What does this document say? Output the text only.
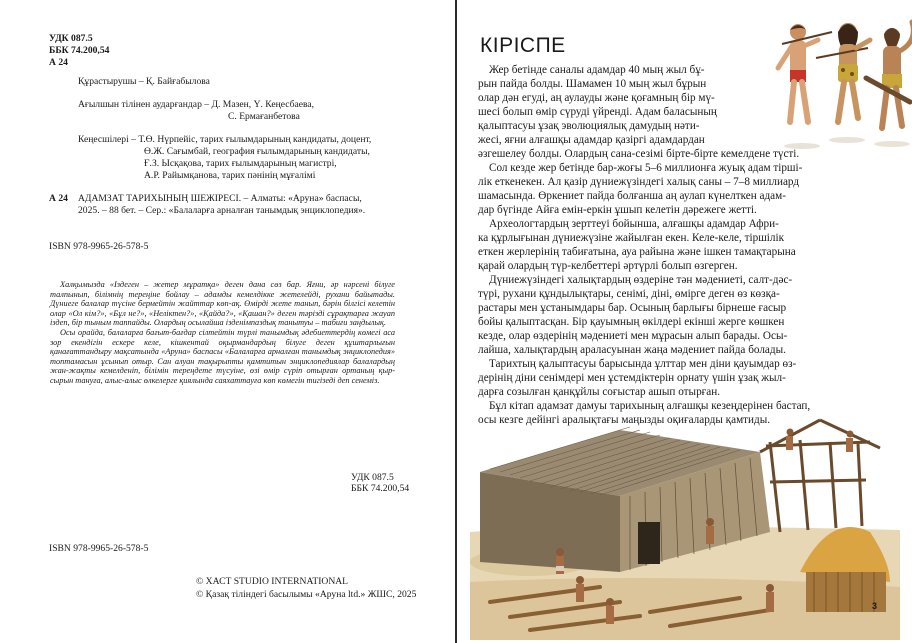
УДК 087.5
ББК 74.200,54
А 24
Құрастырушы – Қ. Байғабылова
Ағылшын тілінен аударғандар – Д. Мазен, Ү. Кеңесбаева,
С. Ермағанбетова
Кеңесшілері – Т.Ө. Нүрпейіс, тарих ғылымдарының кандидаты, доцент,
Ө.Ж. Сағымбай, география ғылымдарының кандидаты,
Ғ.З. Ысқақова, тарих ғылымдарының магистрі,
А.Р. Райымқанова, тарих пәнінің мұғалімі
А 24 АДАМЗАТ ТАРИХЫНЫҢ ШЕЖІРЕСІ. – Алматы: «Аруна» баспасы,
2025. – 88 бет. – Сер.: «Балаларға арналған танымдық энциклопедия».
ISBN 978-9965-26-578-5

Халқымызда «Іздеген – жетер мұратқа» деген дана сөз бар. Яғни, әр нәрсені білуге талпынып, білімнің тереңіне бойлау – адамды кемелдікке жетелейді, рухани байытады. Дүниеге балалар түсіне бермейтін жайттар көп-ақ. Өмірді жете танып, бәрін білгісі келетін олар «Ол кім?», «Бұл не?», «Неліктен?», «Қайда?», «Қашан?» деген тәрізді сұрақтарға жауап іздеп, бір тыным таппайды. Олардың осылайша ізденімпаздық танытуы – табиғи заңдылық.

Осы орайда, балаларға бағыт-бағдар сілтейтін түрлі танымдық әдебиеттердің көмегі аса зор екендігін ескере келе, кішкентай оқырмандардың білуге деген құштарлығын қанағаттандыру мақсатында «Аруна» баспасы «Балаларға арналған танымдық энциклопедия» топтамасын ұсынып отыр. Сан алуан тақырыпты қамтитын энциклопедиялар балалардың жан-жақты кемелденіп, білімін тереңдете түсуіне, өзі өмір сүріп отырған ортаның қыр-сырын тануға, алыс-алыс өлкелерге қиялында саяхаттауға көп көмегін тигізеді деп сенеміз.

УДК 087.5
ББК 74.200,54
ISBN 978-9965-26-578-5
© ХАСТ STUDIO INTERNATIONAL
© Қазақ тіліндегі басылымы «Аруна ltd.» ЖШС, 2025
КІРІСПЕ
Жер бетінде саналы адамдар 40 мың жыл бұ-
рын пайда болды. Шамамен 10 мың жыл бұрын
олар дән егуді, аң аулауды және қоғамның бір мү-
шесі болып өмір сүруді үйренді. Адам баласының
қалыптасуы ұзақ эволюциялық дамудың нәти-
жесі, яғни алғашқы адамдар қазіргі адамдардан
әзгешелеу болды. Олардың сана-сезімі бірте-бірте кемелдене түсті.
Сол кезде жер бетінде бар-жоғы 5–6 миллионға жуық адам тірші-
лік еткенекен. Ал қазір дүниежүзіндегі халық саны – 7–8 миллиард
шамасында. Өркениет пайда болғанша аң аулап күнелткен адам-
дар бүгінде Айға емін-еркін ұшып келетін дәрежеге жетті.
Археологтардың зерттеуі бойынша, алғашқы адамдар Афри-
ка құрлығынан дүниежүзіне жайылған екен. Келе-келе, тіршілік
еткен жерлерінің табиғатына, ауа райына және ішкен тамақтарына
қарай олардың түр-келбеттері әртүрлі болып өзгерген.
Дүниежүзіндегі халықтардың өздеріне тән мәдениеті, салт-дәс-
түрі, рухани құндылықтары, сенімі, діні, өмірге деген өз көзқа-
растары мен ұстанымдары бар. Осының барлығы бірнеше ғасыр
бойы қалыптасқан. Бір қауымның өкілдері екінші жерге көшкен
кезде, олар өздерінің мәдениеті мен мұрасын алып барады. Осы-
лайша, халықтардың араласуынан жаңа мәдениет пайда болады.
Тарихтың қалыптасуы барысында ұлттар мен діни қауымдар өз-
дерінің діни сенімдері мен ұстемдіктерін орнату үшін ұзақ жыл-
дарға созылған қанқұйлы соғыстар ашып отырған.
Бұл кітап адамзат дамуы тарихының алғашқы кезеңдерінен бастап,
осы кезге дейінгі аралықтағы маңызды оқиғаларды қамтиды.
3
